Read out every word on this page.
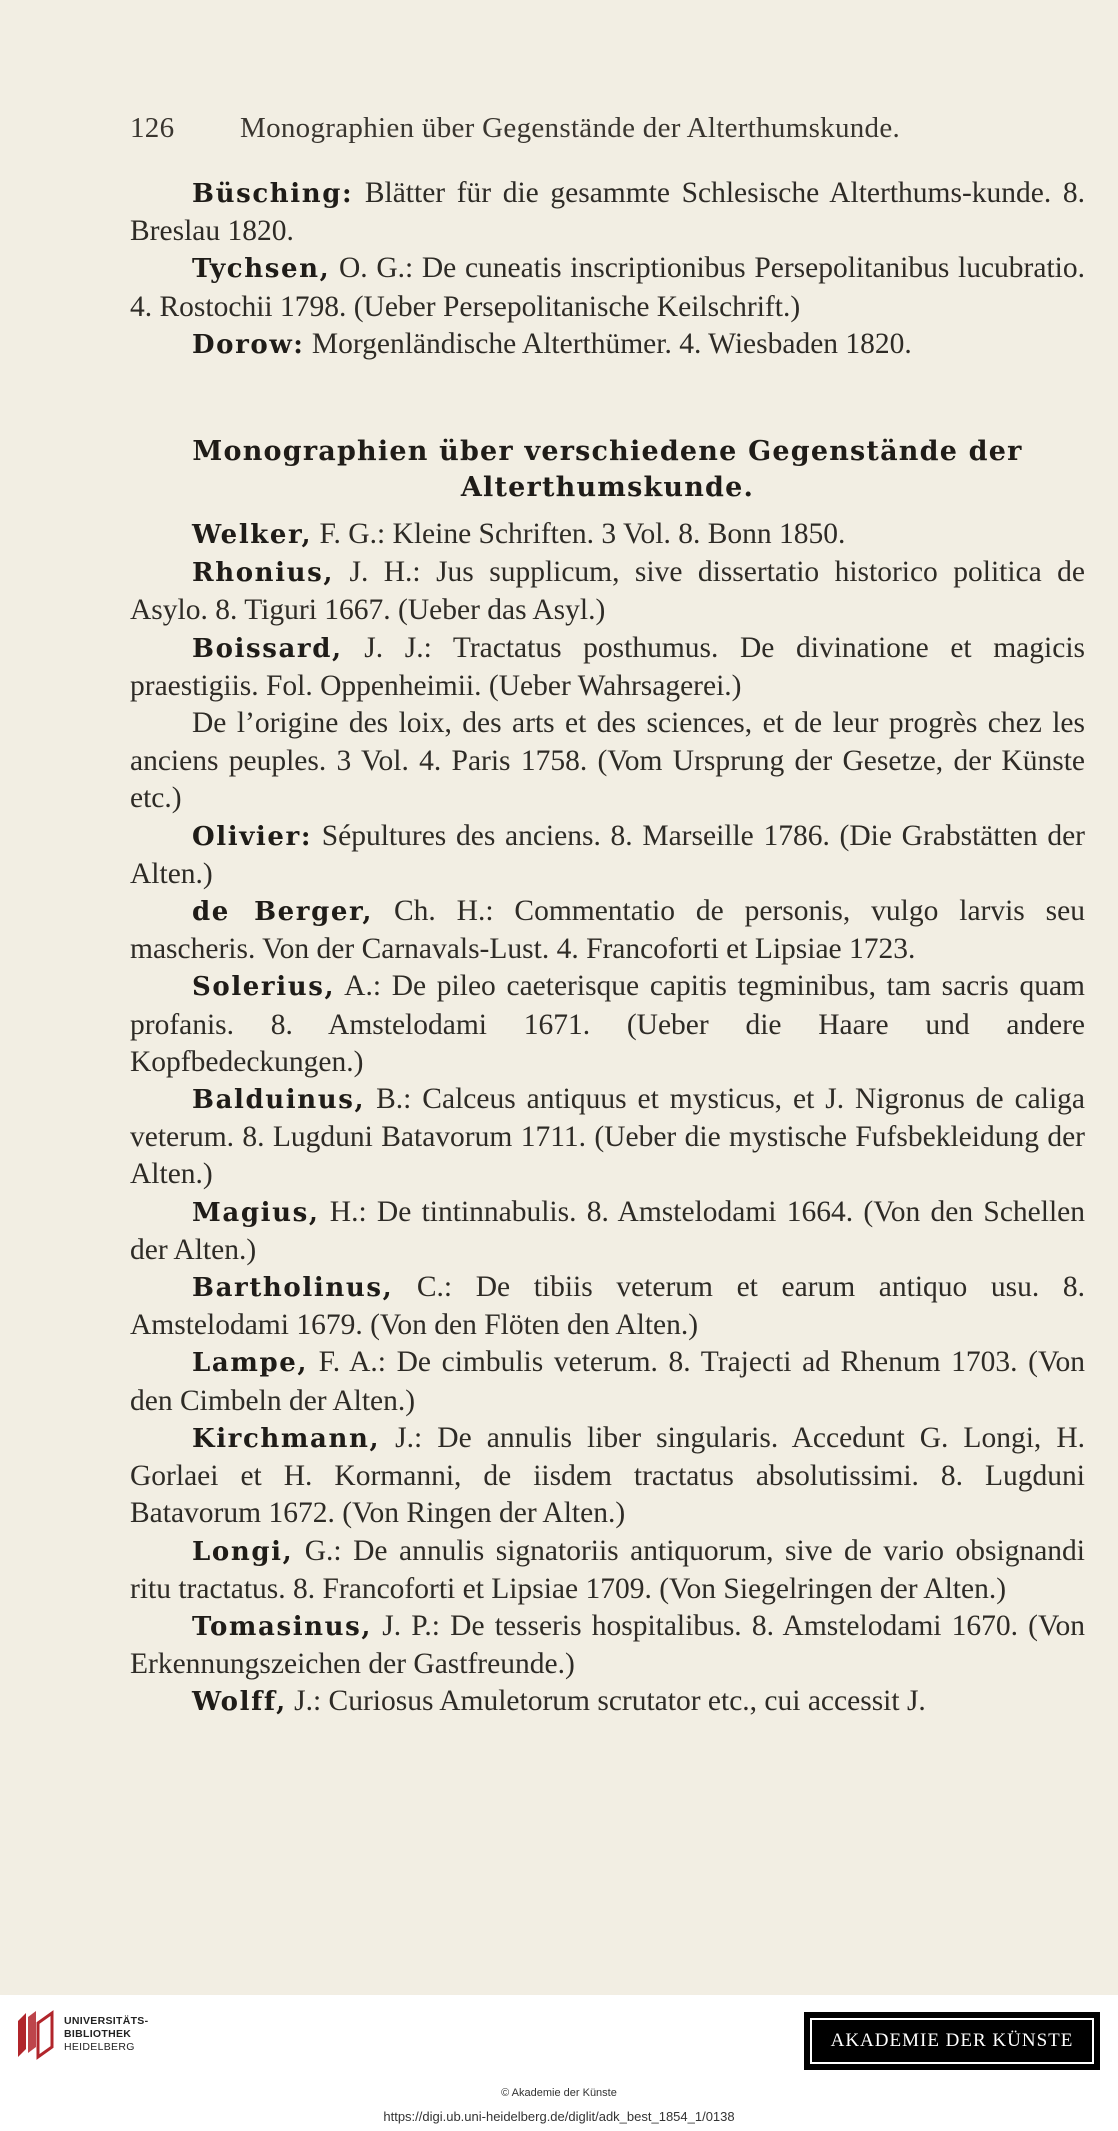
126 Monographien über Gegenstände der Alterthumskunde.

Büsching: Blätter für die gesammte Schlesische Alterthums-kunde. 8. Breslau 1820.

Tychsen, O. G.: De cuneatis inscriptionibus Persepolitanibus lucubratio. 4. Rostochii 1798. (Ueber Persepolitanische Keilschrift.)

Dorow: Morgenländische Alterthümer. 4. Wiesbaden 1820.

Monographien über verschiedene Gegenstände der Alterthumskunde.

Welker, F. G.: Kleine Schriften. 3 Vol. 8. Bonn 1850.

Rhonius, J. H.: Jus supplicum, sive dissertatio historico politica de Asylo. 8. Tiguri 1667. (Ueber das Asyl.)

Boissard, J. J.: Tractatus posthumus. De divinatione et magicis praestigiis. Fol. Oppenheimii. (Ueber Wahrsagerei.)

De l’origine des loix, des arts et des sciences, et de leur progrès chez les anciens peuples. 3 Vol. 4. Paris 1758. (Vom Ursprung der Gesetze, der Künste etc.)

Olivier: Sépultures des anciens. 8. Marseille 1786. (Die Grabstätten der Alten.)

de Berger, Ch. H.: Commentatio de personis, vulgo larvis seu mascheris. Von der Carnavals-Lust. 4. Francoforti et Lipsiae 1723.

Solerius, A.: De pileo caeterisque capitis tegminibus, tam sacris quam profanis. 8. Amstelodami 1671. (Ueber die Haare und andere Kopfbedeckungen.)

Balduinus, B.: Calceus antiquus et mysticus, et J. Nigronus de caliga veterum. 8. Lugduni Batavorum 1711. (Ueber die mystische Fufsbekleidung der Alten.)

Magius, H.: De tintinnabulis. 8. Amstelodami 1664. (Von den Schellen der Alten.)

Bartholinus, C.: De tibiis veterum et earum antiquo usu. 8. Amstelodami 1679. (Von den Flöten den Alten.)

Lampe, F. A.: De cimbulis veterum. 8. Trajecti ad Rhenum 1703. (Von den Cimbeln der Alten.)

Kirchmann, J.: De annulis liber singularis. Accedunt G. Longi, H. Gorlaei et H. Kormanni, de iisdem tractatus absolutissimi. 8. Lugduni Batavorum 1672. (Von Ringen der Alten.)

Longi, G.: De annulis signatoriis antiquorum, sive de vario obsignandi ritu tractatus. 8. Francoforti et Lipsiae 1709. (Von Siegelringen der Alten.)

Tomasinus, J. P.: De tesseris hospitalibus. 8. Amstelodami 1670. (Von Erkennungszeichen der Gastfreunde.)

Wolff, J.: Curiosus Amuletorum scrutator etc., cui accessit J.

UNIVERSITÄTS-
BIBLIOTHEK
HEIDELBERG	AKADEMIE DER KÜNSTE
© Akademie der Künste
https://digi.ub.uni-heidelberg.de/diglit/adk_best_1854_1/0138
